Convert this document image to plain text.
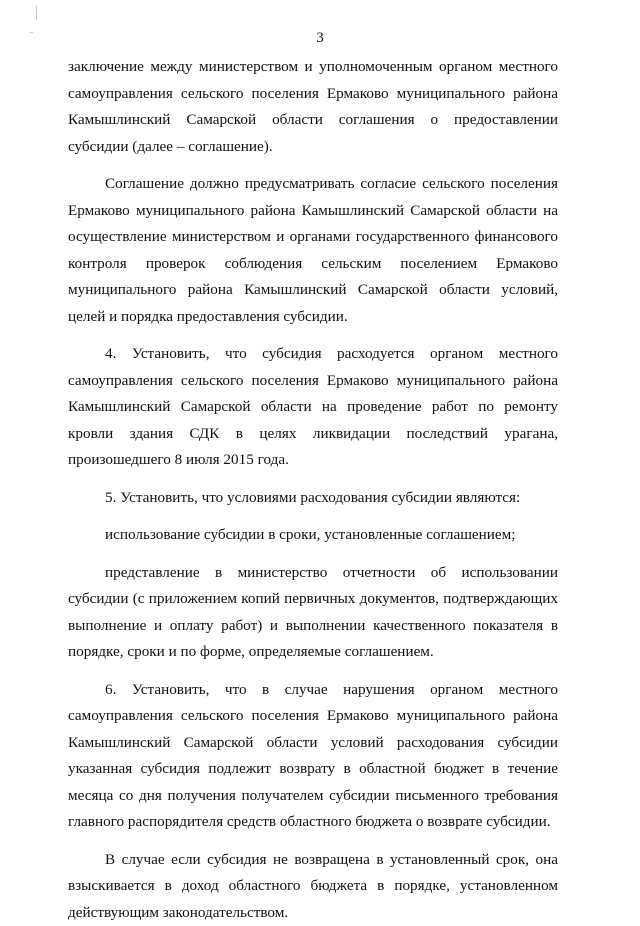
3

заключение между министерством и уполномоченным органом местного самоуправления сельского поселения Ермаково муниципального района Камышлинский Самарской области соглашения о предоставлении субсидии (далее – соглашение).

Соглашение должно предусматривать согласие сельского поселения Ермаково муниципального района Камышлинский Самарской области на осуществление министерством и органами государственного финансового контроля проверок соблюдения сельским поселением Ермаково муниципального района Камышлинский Самарской области условий, целей и порядка предоставления субсидии.

4. Установить, что субсидия расходуется органом местного самоуправления сельского поселения Ермаково муниципального района Камышлинский Самарской области на проведение работ по ремонту кровли здания СДК в целях ликвидации последствий урагана, произошедшего 8 июля 2015 года.

5. Установить, что условиями расходования субсидии являются:

использование субсидии в сроки, установленные соглашением;

представление в министерство отчетности об использовании субсидии (с приложением копий первичных документов, подтверждающих выполнение и оплату работ) и выполнении качественного показателя в порядке, сроки и по форме, определяемые соглашением.

6. Установить, что в случае нарушения органом местного самоуправления сельского поселения Ермаково муниципального района Камышлинский Самарской области условий расходования субсидии указанная субсидия подлежит возврату в областной бюджет в течение месяца со дня получения получателем субсидии письменного требования главного распорядителя средств областного бюджета о возврате субсидии.

В случае если субсидия не возвращена в установленный срок, она взыскивается в доход областного бюджета в порядке, установленном действующим законодательством.
